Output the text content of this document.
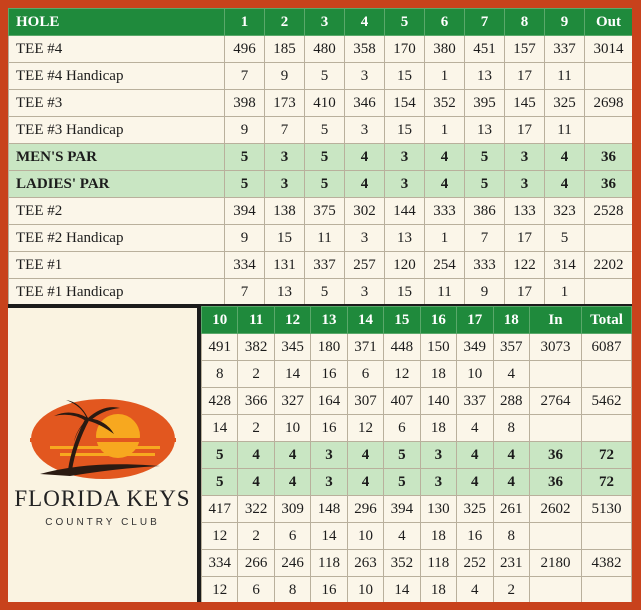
HOLE	1	2	3	4	5	6	7	8	9	Out
TEE #4	496	185	480	358	170	380	451	157	337	3014
TEE #4 Handicap	7	9	5	3	15	1	13	17	11	
TEE #3	398	173	410	346	154	352	395	145	325	2698
TEE #3 Handicap	9	7	5	3	15	1	13	17	11	
MEN'S PAR	5	3	5	4	3	4	5	3	4	36
LADIES' PAR	5	3	5	4	3	4	5	3	4	36
TEE #2	394	138	375	302	144	333	386	133	323	2528
TEE #2 Handicap	9	15	11	3	13	1	7	17	5	
TEE #1	334	131	337	257	120	254	333	122	314	2202
TEE #1 Handicap	7	13	5	3	15	11	9	17	1	
FLORIDA KEYS
COUNTRY CLUB
10	11	12	13	14	15	16	17	18	In	Total
491	382	345	180	371	448	150	349	357	3073	6087
8	2	14	16	6	12	18	10	4		
428	366	327	164	307	407	140	337	288	2764	5462
14	2	10	16	12	6	18	4	8		
5	4	4	3	4	5	3	4	4	36	72
5	4	4	3	4	5	3	4	4	36	72
417	322	309	148	296	394	130	325	261	2602	5130
12	2	6	14	10	4	18	16	8		
334	266	246	118	263	352	118	252	231	2180	4382
12	6	8	16	10	14	18	4	2		
